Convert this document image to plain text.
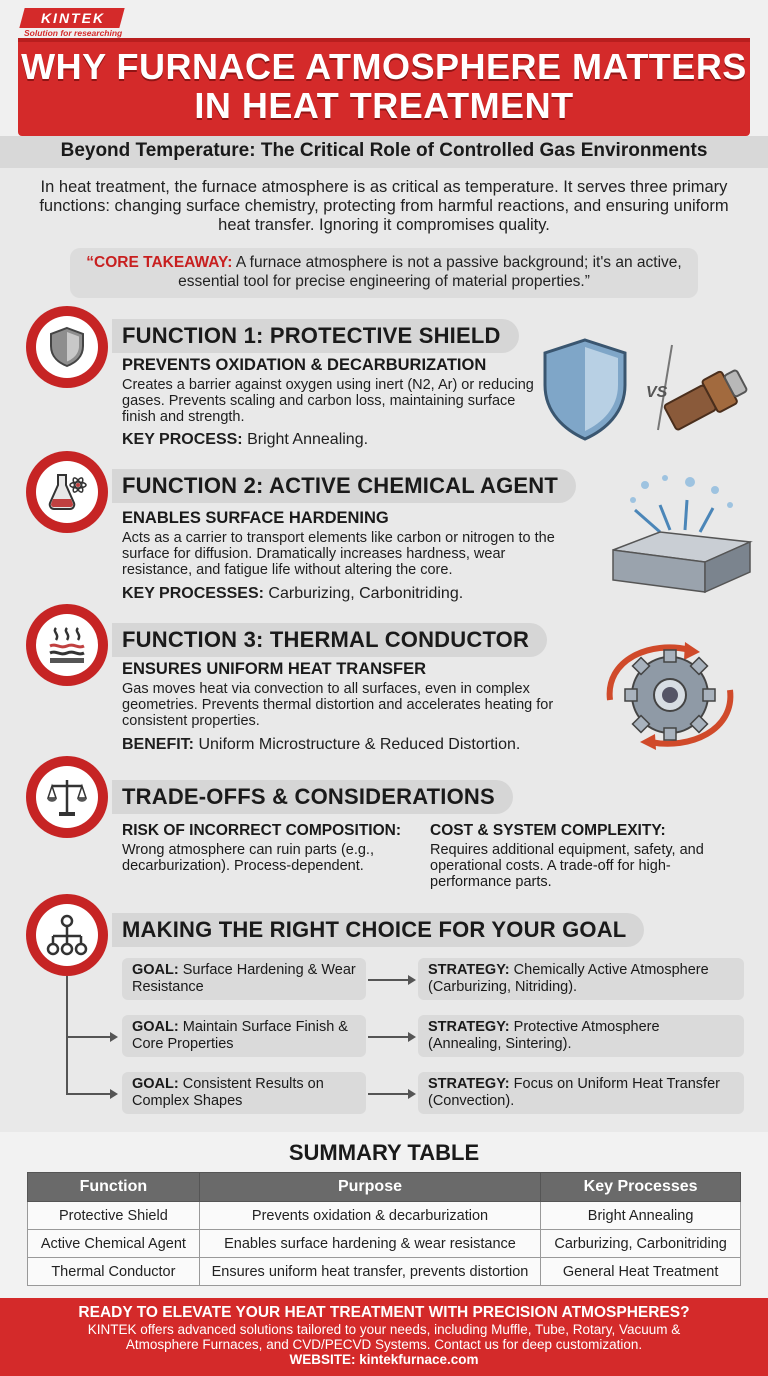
KINTEK
Solution for researching
WHY FURNACE ATMOSPHERE MATTERS IN HEAT TREATMENT
Beyond Temperature: The Critical Role of Controlled Gas Environments
In heat treatment, the furnace atmosphere is as critical as temperature. It serves three primary functions: changing surface chemistry, protecting from harmful reactions, and ensuring uniform heat transfer. Ignoring it compromises quality.
“CORE TAKEAWAY: A furnace atmosphere is not a passive background; it's an active, essential tool for precise engineering of material properties.”
FUNCTION 1: PROTECTIVE SHIELD
PREVENTS OXIDATION & DECARBURIZATION
Creates a barrier against oxygen using inert (N2, Ar) or reducing gases. Prevents scaling and carbon loss, maintaining surface finish and strength.
KEY PROCESS: Bright Annealing.
VS
FUNCTION 2: ACTIVE CHEMICAL AGENT
ENABLES SURFACE HARDENING
Acts as a carrier to transport elements like carbon or nitrogen to the surface for diffusion. Dramatically increases hardness, wear resistance, and fatigue life without altering the core.
KEY PROCESSES: Carburizing, Carbonitriding.
FUNCTION 3: THERMAL CONDUCTOR
ENSURES UNIFORM HEAT TRANSFER
Gas moves heat via convection to all surfaces, even in complex geometries. Prevents thermal distortion and accelerates heating for consistent properties.
BENEFIT: Uniform Microstructure & Reduced Distortion.
TRADE-OFFS & CONSIDERATIONS
RISK OF INCORRECT COMPOSITION:
Wrong atmosphere can ruin parts (e.g., decarburization). Process-dependent.
COST & SYSTEM COMPLEXITY:
Requires additional equipment, safety, and operational costs. A trade-off for high-performance parts.
MAKING THE RIGHT CHOICE FOR YOUR GOAL
GOAL: Surface Hardening & Wear Resistance
STRATEGY: Chemically Active Atmosphere (Carburizing, Nitriding).
GOAL: Maintain Surface Finish & Core Properties
STRATEGY: Protective Atmosphere (Annealing, Sintering).
GOAL: Consistent Results on Complex Shapes
STRATEGY: Focus on Uniform Heat Transfer (Convection).
SUMMARY TABLE
Function	Purpose	Key Processes
Protective Shield	Prevents oxidation & decarburization	Bright Annealing
Active Chemical Agent	Enables surface hardening & wear resistance	Carburizing, Carbonitriding
Thermal Conductor	Ensures uniform heat transfer, prevents distortion	General Heat Treatment
READY TO ELEVATE YOUR HEAT TREATMENT WITH PRECISION ATMOSPHERES?
KINTEK offers advanced solutions tailored to your needs, including Muffle, Tube, Rotary, Vacuum & Atmosphere Furnaces, and CVD/PECVD Systems. Contact us for deep customization.
WEBSITE: kintekfurnace.com
